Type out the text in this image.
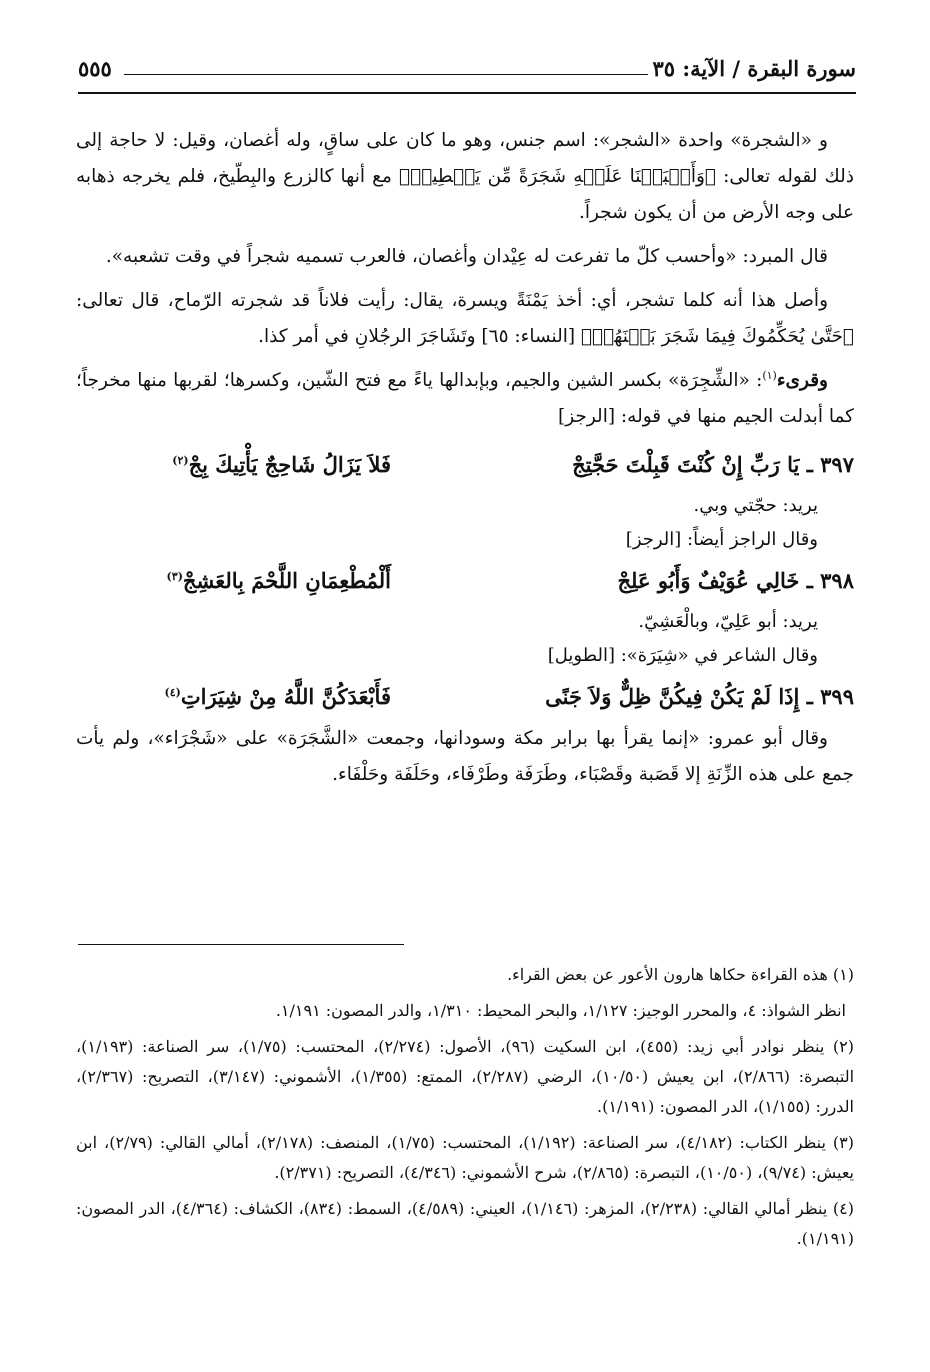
سورة البقرة / الآية: ٣٥
٥٥٥

و «الشجرة» واحدة «الشجر»: اسم جنس، وهو ما كان على ساقٍ، وله أغصان، وقيل: لا حاجة إلى ذلك لقوله تعالى: ﴿وَأَنۢبَتۡنَا عَلَيۡهِ شَجَرَةً مِّن يَقۡطِينٖ﴾ مع أنها كالزرع والبِطّيخ، فلم يخرجه ذهابه على وجه الأرض من أن يكون شجراً.

قال المبرد: «وأحسب كلّ ما تفرعت له عِيْدان وأغصان، فالعرب تسميه شجراً في وقت تشعبه».

وأصل هذا أنه كلما تشجر، أي: أخذ يَمْنَةً ويسرة، يقال: رأيت فلاناً قد شجرته الرّماح، قال تعالى: ﴿حَتَّىٰ يُحَكِّمُوكَ فِيمَا شَجَرَ بَيۡنَهُمۡ﴾ [النساء: ٦٥] وتَشَاجَرَ الرجُلانِ في أمر كذا.

وقرىء$^{(١)}$: «الشِّجِرَة» بكسر الشين والجيم، وبإبدالها ياءً مع فتح الشّين، وكسرها؛ لقربها منها مخرجاً؛ كما أبدلت الجيم منها في قوله: [الرجز]

٣٩٧ ـ يَا رَبِّ إِنْ كُنْتَ قَبِلْتَ حَجَّتِجْ
فَلاَ يَزَالُ شَاحِجٌ يَأْتِيكَ بِجْ$^{(٢)}$
يريد: حجّتي وبي.
وقال الراجز أيضاً: [الرجز]
٣٩٨ ـ خَالِي عُوَيْفٌ وَأَبُو عَلِجْ
أَلْمُطْعِمَانِ اللَّحْمَ بِالعَشِجْ$^{(٣)}$
يريد: أبو عَلِيّ، وبالْعَشِيّ.
وقال الشاعر في «شِيَرَة»: [الطويل]
٣٩٩ ـ إِذَا لَمْ يَكُنْ فِيكُنَّ ظِلٌّ وَلاَ جَنًى
فَأَبْعَدَكُنَّ اللَّهُ مِنْ شِيَرَاتِ$^{(٤)}$

وقال أبو عمرو: «إنما يقرأ بها برابر مكة وسودانها، وجمعت «الشَّجَرَة» على «شَجْرَاء»، ولم يأت جمع على هذه الزِّنَةِ إلا قَصَبة وقَصْبَاء، وطَرَفَة وطَرْفَاء، وحَلَفَة وحَلْفَاء.

(١) هذه القراءة حكاها هارون الأعور عن بعض القراء.

انظر الشواذ: ٤، والمحرر الوجيز: ١/١٢٧، والبحر المحيط: ١/٣١٠، والدر المصون: ١/١٩١.

(٢) ينظر نوادر أبي زيد: (٤٥٥)، ابن السكيت (٩٦)، الأصول: (٢/٢٧٤)، المحتسب: (١/٧٥)، سر الصناعة: (١/١٩٣)، التبصرة: (٢/٨٦٦)، ابن يعيش (١٠/٥٠)، الرضي (٢/٢٨٧)، الممتع: (١/٣٥٥)، الأشموني: (٣/١٤٧)، التصريح: (٢/٣٦٧)، الدرر: (١/١٥٥)، الدر المصون: (١/١٩١).

(٣) ينظر الكتاب: (٤/١٨٢)، سر الصناعة: (١/١٩٢)، المحتسب: (١/٧٥)، المنصف: (٢/١٧٨)، أمالي القالي: (٢/٧٩)، ابن يعيش: (٩/٧٤)، (١٠/٥٠)، التبصرة: (٢/٨٦٥)، شرح الأشموني: (٤/٣٤٦)، التصريح: (٢/٣٧١).

(٤) ينظر أمالي القالي: (٢/٢٣٨)، المزهر: (١/١٤٦)، العيني: (٤/٥٨٩)، السمط: (٨٣٤)، الكشاف: (٤/٣٦٤)، الدر المصون: (١/١٩١).
